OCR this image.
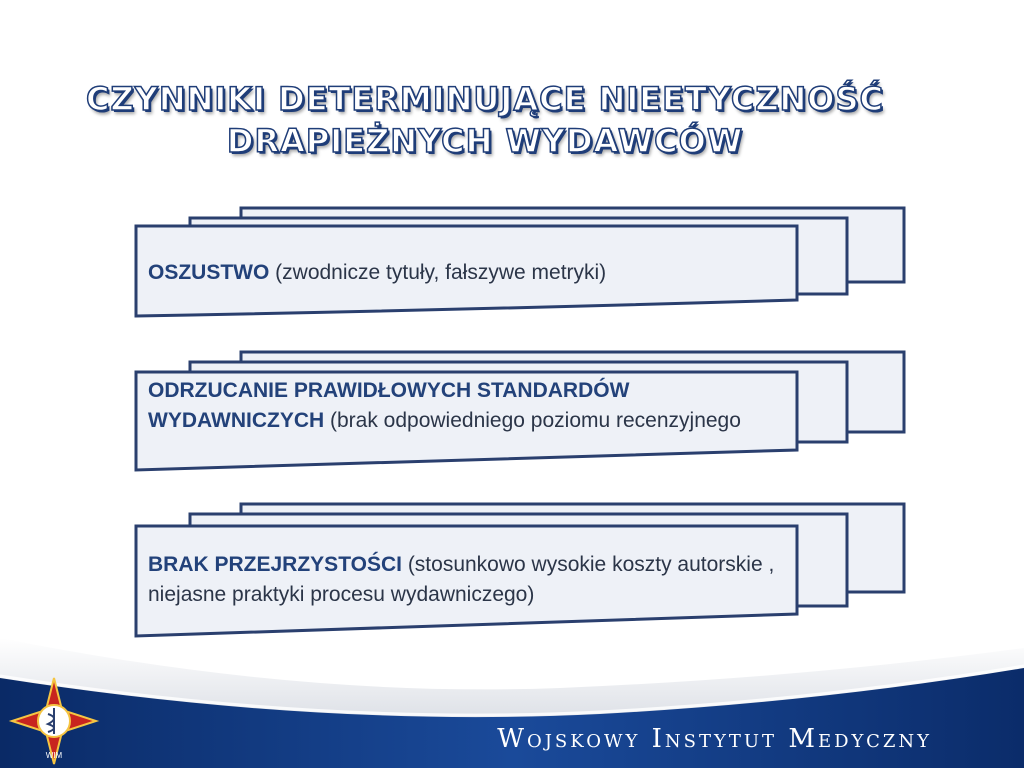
CZYNNIKI DETERMINUJĄCE NIEETYCZNOŚĆ
DRAPIEŻNYCH WYDAWCÓW
OSZUSTWO (zwodnicze tytuły, fałszywe metryki)
ODRZUCANIE PRAWIDŁOWYCH STANDARDÓW WYDAWNICZYCH (brak odpowiedniego poziomu recenzyjnego
BRAK PRZEJRZYSTOŚCI (stosunkowo wysokie koszty autorskie , niejasne praktyki procesu wydawniczego)
Wojskowy Instytut Medyczny
WIM
